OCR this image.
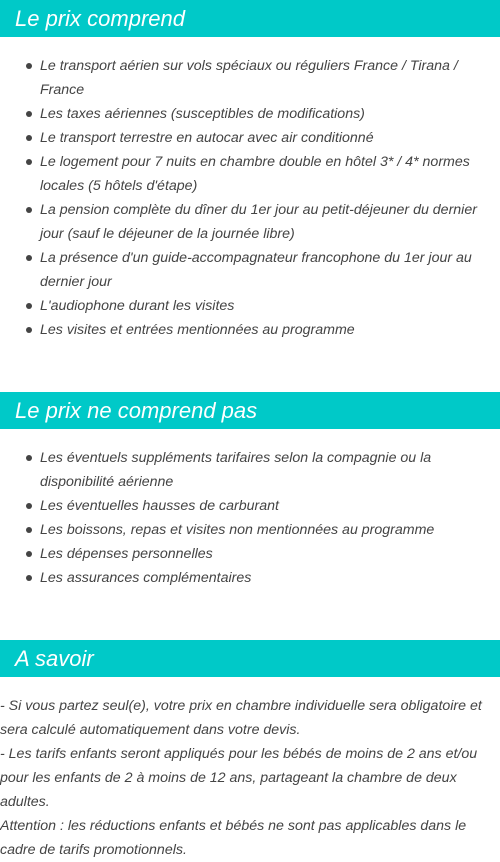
Le prix comprend
Le transport aérien sur vols spéciaux ou réguliers France / Tirana / France
Les taxes aériennes (susceptibles de modifications)
Le transport terrestre en autocar avec air conditionné
Le logement pour 7 nuits en chambre double en hôtel 3* / 4* normes locales (5 hôtels d'étape)
La pension complète du dîner du 1er jour au petit-déjeuner du dernier jour (sauf le déjeuner de la journée libre)
La présence d'un guide-accompagnateur francophone du 1er jour au dernier jour
L'audiophone durant les visites
Les visites et entrées mentionnées au programme
Le prix ne comprend pas
Les éventuels suppléments tarifaires selon la compagnie ou la disponibilité aérienne
Les éventuelles hausses de carburant
Les boissons, repas et visites non mentionnées au programme
Les dépenses personnelles
Les assurances complémentaires
A savoir

- Si vous partez seul(e), votre prix en chambre individuelle sera obligatoire et sera calculé automatiquement dans votre devis.

- Les tarifs enfants seront appliqués pour les bébés de moins de 2 ans et/ou pour les enfants de 2 à moins de 12 ans, partageant la chambre de deux adultes.

Attention : les réductions enfants et bébés ne sont pas applicables dans le cadre de tarifs promotionnels.
